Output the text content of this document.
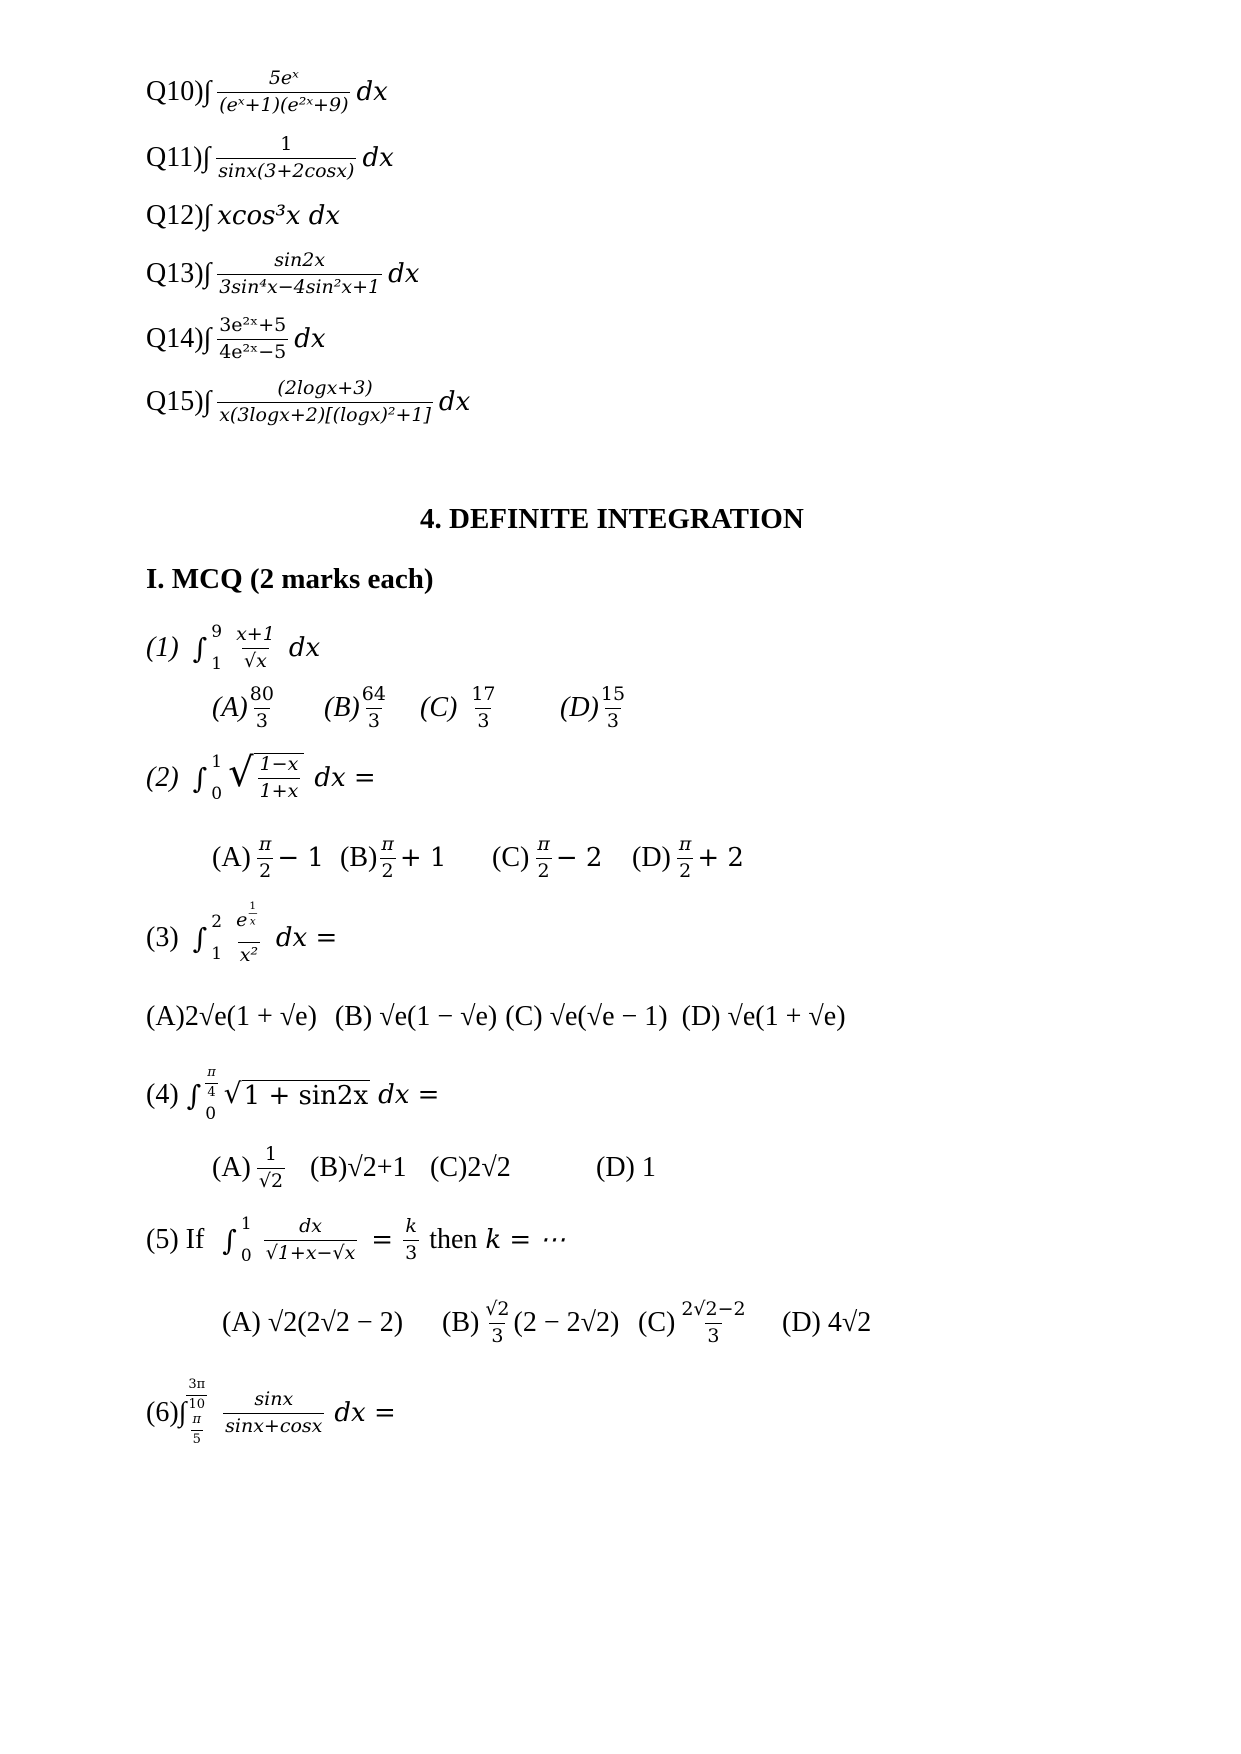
Q10)∫	5eˣ
(eˣ+1)(e²ˣ+9) dx
Q11)∫	1
sinx(3+2cosx) dx
Q12)∫ xcos³x dx
Q13)∫	sin2x
3sin⁴x−4sin²x+1 dx
Q14)∫ 3e²ˣ+5
4e²ˣ−5 dx
Q15)∫	(2logx+3)
x(3logx+2)[(logx)²+1] dx
4. DEFINITE INTEGRATION
I. MCQ (2 marks each)
(1) ∫ 9
1
x+1
√x dx
(A) 80
3 (B) 64
3 (C) 17
3	(D) 15
3
(2) ∫ 1
0 √ 1−x
1+x dx =
(A) π
2 − 1 (B) π
2 + 1 (C) π
2 − 2 (D) π
2 + 2
(3) ∫ 2
1
e
1
x
x²
dx =
(A)2√e(1 + √e) (B) √e(1 − √e) (C) √e(√e − 1) (D) √e(1 + √e)
(4) ∫
π
4
0
√ 1 + sin2x dx =
(A) 1
√2 (B)√2+1 (C)2√2	(D) 1
(5) If ∫ 1
$0 \frac{dx}{√1+x-√x} = \frac{k}{3}$ then k = ⋯
(A) √2(2√2 − 2)	(B) √2
3 (2 − 2√2) (C) 2√2−2
3 (D) 4√2
(6)∫
3π
10
π
5
sinx
sinx+cosx dx =
